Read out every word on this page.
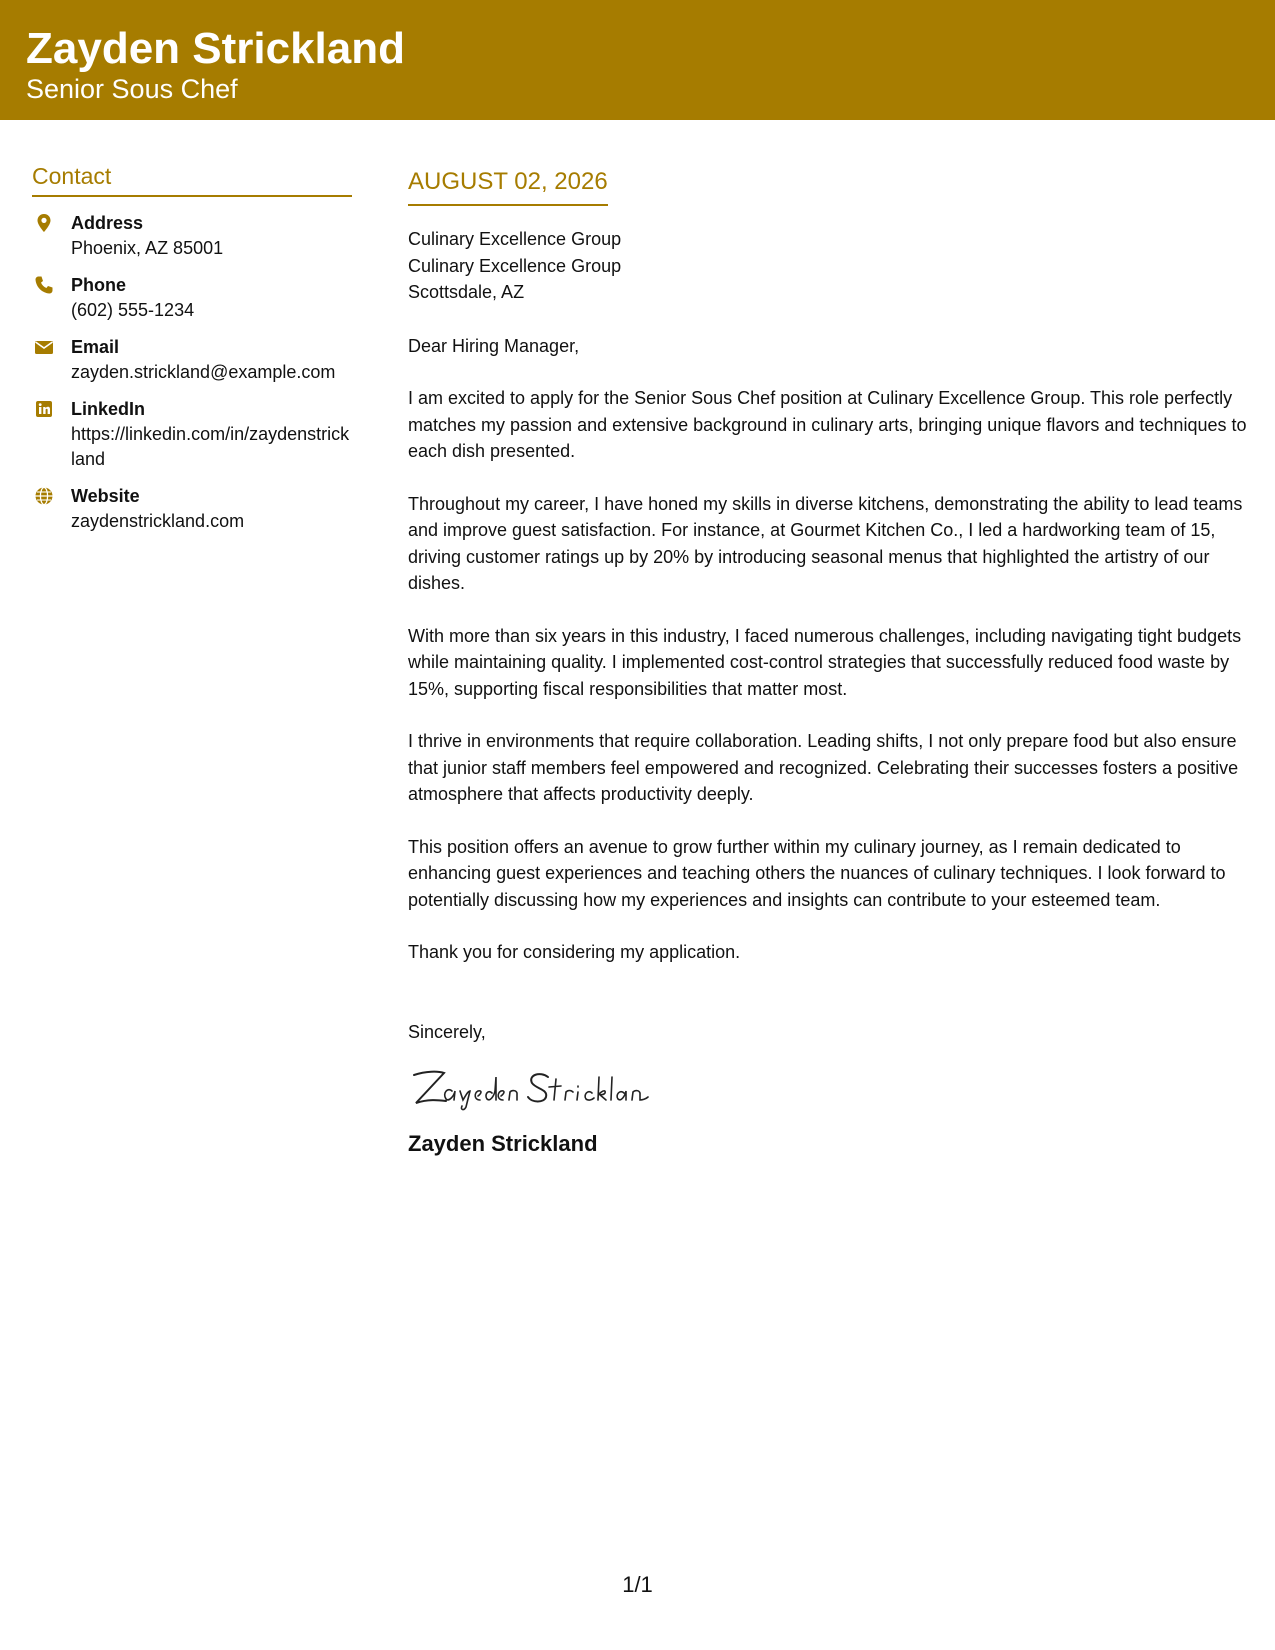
Zayden Strickland
Senior Sous Chef
Contact
Address
Phoenix, AZ 85001
Phone
(602) 555-1234
Email
zayden.strickland@example.com
LinkedIn
https://linkedin.com/in/zaydenstrickland
Website
zaydenstrickland.com
AUGUST 02, 2026
Culinary Excellence Group
Culinary Excellence Group
Scottsdale, AZ
Dear Hiring Manager,

I am excited to apply for the Senior Sous Chef position at Culinary Excellence Group. This role perfectly matches my passion and extensive background in culinary arts, bringing unique flavors and techniques to each dish presented.

Throughout my career, I have honed my skills in diverse kitchens, demonstrating the ability to lead teams and improve guest satisfaction. For instance, at Gourmet Kitchen Co., I led a hardworking team of 15, driving customer ratings up by 20% by introducing seasonal menus that highlighted the artistry of our dishes.

With more than six years in this industry, I faced numerous challenges, including navigating tight budgets while maintaining quality. I implemented cost-control strategies that successfully reduced food waste by 15%, supporting fiscal responsibilities that matter most.

I thrive in environments that require collaboration. Leading shifts, I not only prepare food but also ensure that junior staff members feel empowered and recognized. Celebrating their successes fosters a positive atmosphere that affects productivity deeply.

This position offers an avenue to grow further within my culinary journey, as I remain dedicated to enhancing guest experiences and teaching others the nuances of culinary techniques. I look forward to potentially discussing how my experiences and insights can contribute to your esteemed team.

Thank you for considering my application.

Sincerely,
Zayden Strickland
1/1
